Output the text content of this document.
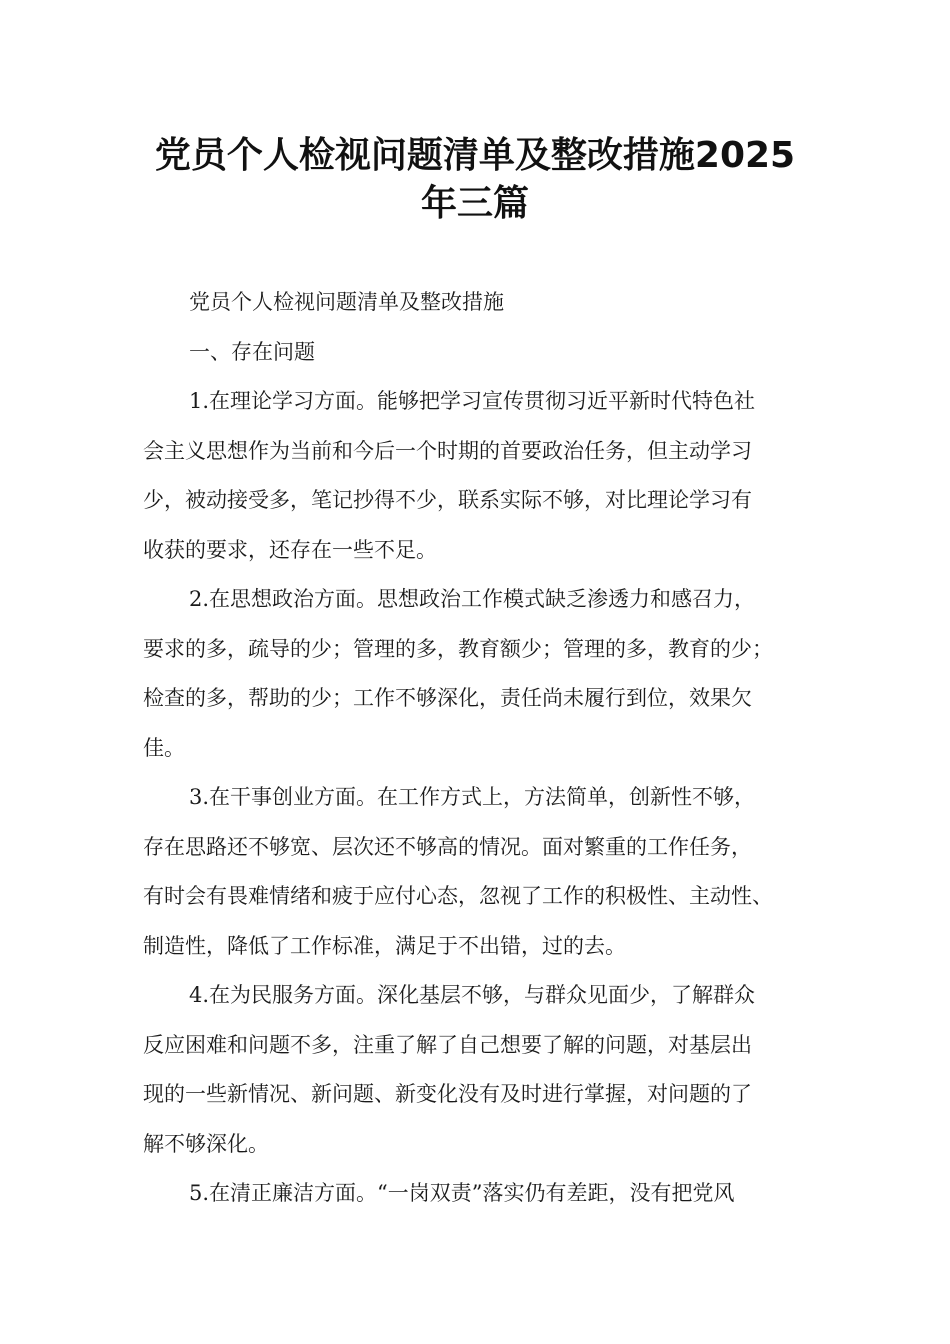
党员个人检视问题清单及整改措施2025
年三篇

党员个人检视问题清单及整改措施

一、存在问题

1.在理论学习方面。能够把学习宣传贯彻习近平新时代特色社
会主义思想作为当前和今后一个时期的首要政治任务，但主动学习
少，被动接受多，笔记抄得不少，联系实际不够，对比理论学习有
收获的要求，还存在一些不足。

2.在思想政治方面。思想政治工作模式缺乏渗透力和感召力，
要求的多，疏导的少；管理的多，教育额少；管理的多，教育的少；
检查的多，帮助的少；工作不够深化，责任尚未履行到位，效果欠
佳。

3.在干事创业方面。在工作方式上，方法简单，创新性不够，
存在思路还不够宽、层次还不够高的情况。面对繁重的工作任务，
有时会有畏难情绪和疲于应付心态，忽视了工作的积极性、主动性、
制造性，降低了工作标准，满足于不出错，过的去。

4.在为民服务方面。深化基层不够，与群众见面少，了解群众
反应困难和问题不多，注重了解了自己想要了解的问题，对基层出
现的一些新情况、新问题、新变化没有及时进行掌握，对问题的了
解不够深化。

5.在清正廉洁方面。“一岗双责”落实仍有差距，没有把党风
